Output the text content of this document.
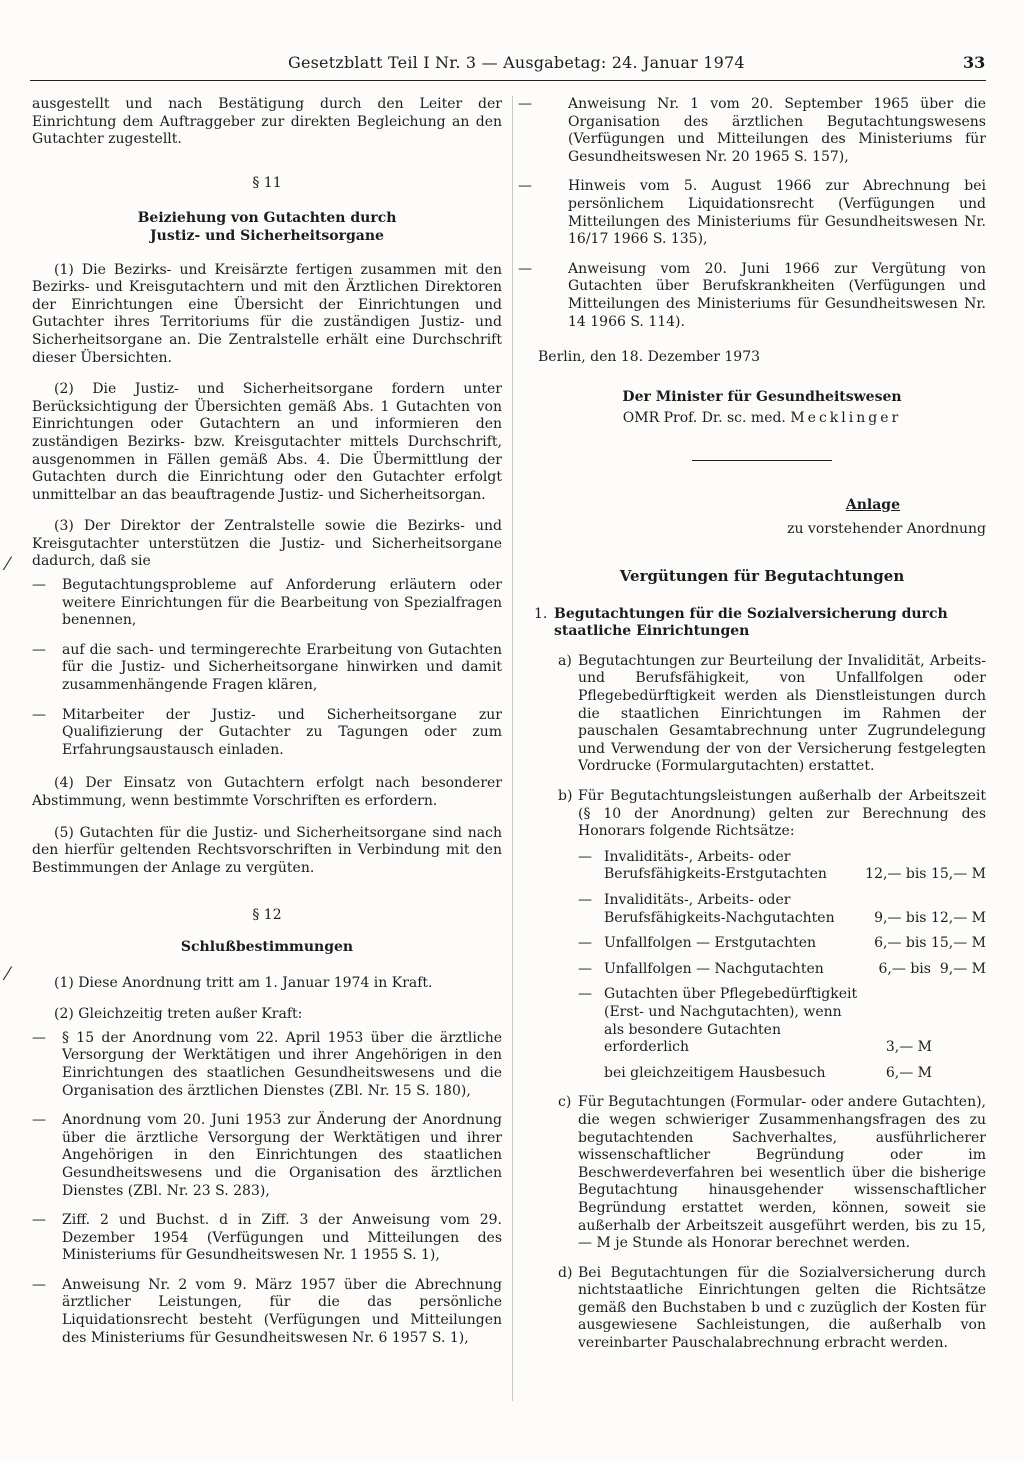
Gesetzblatt Teil I Nr. 3 — Ausgabetag: 24. Januar 1974	33
⁄
⁄

ausgestellt und nach Bestätigung durch den Leiter der Einrichtung dem Auftraggeber zur direkten Begleichung an den Gutachter zugestellt.

§ 11
Beiziehung von Gutachten durch
Justiz- und Sicherheitsorgane

(1) Die Bezirks- und Kreisärzte fertigen zusammen mit den Bezirks- und Kreisgutachtern und mit den Ärztlichen Direktoren der Einrichtungen eine Übersicht der Einrichtungen und Gutachter ihres Territoriums für die zuständigen Justiz- und Sicherheitsorgane an. Die Zentralstelle erhält eine Durchschrift dieser Übersichten.

(2) Die Justiz- und Sicherheitsorgane fordern unter Berücksichtigung der Übersichten gemäß Abs. 1 Gutachten von Einrichtungen oder Gutachtern an und informieren den zuständigen Bezirks- bzw. Kreisgutachter mittels Durchschrift, ausgenommen in Fällen gemäß Abs. 4. Die Übermittlung der Gutachten durch die Einrichtung oder den Gutachter erfolgt unmittelbar an das beauftragende Justiz- und Sicherheitsorgan.

(3) Der Direktor der Zentralstelle sowie die Bezirks- und Kreisgutachter unterstützen die Justiz- und Sicherheitsorgane dadurch, daß sie

— Begutachtungsprobleme auf Anforderung erläutern oder weitere Einrichtungen für die Bearbeitung von Spezialfragen benennen,
— auf die sach- und termingerechte Erarbeitung von Gutachten für die Justiz- und Sicherheitsorgane hinwirken und damit zusammenhängende Fragen klären,
— Mitarbeiter der Justiz- und Sicherheitsorgane zur Qualifizierung der Gutachter zu Tagungen oder zum Erfahrungsaustausch einladen.

(4) Der Einsatz von Gutachtern erfolgt nach besonderer Abstimmung, wenn bestimmte Vorschriften es erfordern.

(5) Gutachten für die Justiz- und Sicherheitsorgane sind nach den hierfür geltenden Rechtsvorschriften in Verbindung mit den Bestimmungen der Anlage zu vergüten.

§ 12
Schlußbestimmungen

(1) Diese Anordnung tritt am 1. Januar 1974 in Kraft.

(2) Gleichzeitig treten außer Kraft:

— § 15 der Anordnung vom 22. April 1953 über die ärztliche Versorgung der Werktätigen und ihrer Angehörigen in den Einrichtungen des staatlichen Gesundheitswesens und die Organisation des ärztlichen Dienstes (ZBl. Nr. 15 S. 180),
— Anordnung vom 20. Juni 1953 zur Änderung der Anordnung über die ärztliche Versorgung der Werktätigen und ihrer Angehörigen in den Einrichtungen des staatlichen Gesundheitswesens und die Organisation des ärztlichen Dienstes (ZBl. Nr. 23 S. 283),
— Ziff. 2 und Buchst. d in Ziff. 3 der Anweisung vom 29. Dezember 1954 (Verfügungen und Mitteilungen des Ministeriums für Gesundheitswesen Nr. 1 1955 S. 1),
— Anweisung Nr. 2 vom 9. März 1957 über die Abrechnung ärztlicher Leistungen, für die das persönliche Liquidationsrecht besteht (Verfügungen und Mitteilungen des Ministeriums für Gesundheitswesen Nr. 6 1957 S. 1),
—	Anweisung Nr. 1 vom 20. September 1965 über die Organisation des ärztlichen Begutachtungswesens (Verfügungen und Mitteilungen des Ministeriums für Gesundheitswesen Nr. 20 1965 S. 157),
—	Hinweis vom 5. August 1966 zur Abrechnung bei persönlichem Liquidationsrecht (Verfügungen und Mitteilungen des Ministeriums für Gesundheitswesen Nr. 16/17 1966 S. 135),
—	Anweisung vom 20. Juni 1966 zur Vergütung von Gutachten über Berufskrankheiten (Verfügungen und Mitteilungen des Ministeriums für Gesundheitswesen Nr. 14 1966 S. 114).

Berlin, den 18. Dezember 1973

Der Minister für Gesundheitswesen
OMR Prof. Dr. sc. med. Mecklinger
Anlage
zu vorstehender Anordnung
Vergütungen für Begutachtungen
1. Begutachtungen für die Sozialversicherung durch staatliche Einrichtungen
a) Begutachtungen zur Beurteilung der Invalidität, Arbeits- und Berufsfähigkeit, von Unfallfolgen oder Pflegebedürftigkeit werden als Dienstleistungen durch die staatlichen Einrichtungen im Rahmen der pauschalen Gesamtabrechnung unter Zugrundelegung und Verwendung der von der Versicherung festgelegten Vordrucke (Formulargutachten) erstattet.
b) Für Begutachtungsleistungen außerhalb der Arbeitszeit (§ 10 der Anordnung) gelten zur Berechnung des Honorars folgende Richtsätze:
— Invaliditäts-, Arbeits- oder Berufsfähigkeits-Erstgutachten	12,— bis 15,— M
— Invaliditäts-, Arbeits- oder Berufsfähigkeits-Nachgutachten	9,— bis 12,— M
— Unfallfolgen — Erstgutachten	6,— bis 15,— M
— Unfallfolgen — Nachgutachten	6,— bis  9,— M
— Gutachten über Pflegebedürftigkeit (Erst- und Nachgutachten), wenn als besondere Gutachten erforderlich	3,— M
bei gleichzeitigem Hausbesuch	6,— M
c) Für Begutachtungen (Formular- oder andere Gutachten), die wegen schwieriger Zusammenhangsfragen des zu begutachtenden Sachverhaltes, ausführlicherer wissenschaftlicher Begründung oder im Beschwerdeverfahren bei wesentlich über die bisherige Begutachtung hinausgehender wissenschaftlicher Begründung erstattet werden, können, soweit sie außerhalb der Arbeitszeit ausgeführt werden, bis zu 15,— M je Stunde als Honorar berechnet werden.
d) Bei Begutachtungen für die Sozialversicherung durch nichtstaatliche Einrichtungen gelten die Richtsätze gemäß den Buchstaben b und c zuzüglich der Kosten für ausgewiesene Sachleistungen, die außerhalb von vereinbarter Pauschalabrechnung erbracht werden.
